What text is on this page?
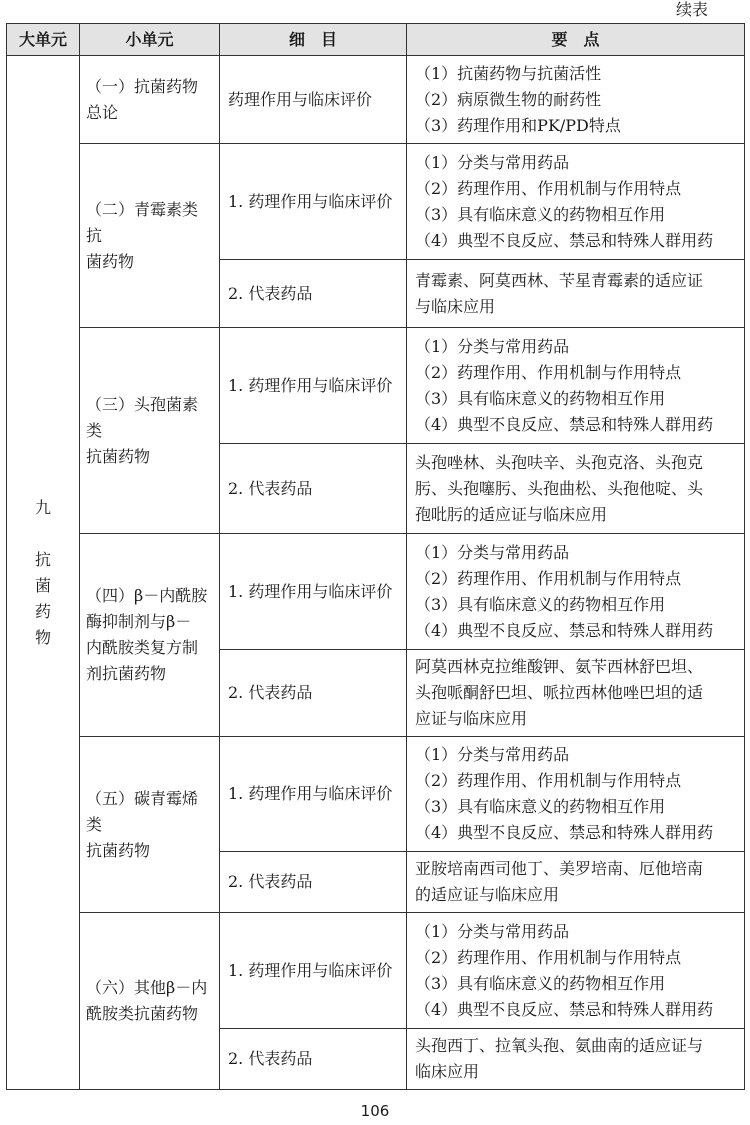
续表
大单元	小单元	细　目	要　点

九
抗
菌
药
物	（一）抗菌药物
总论	药理作用与临床评价	（1）抗菌药物与抗菌活性
（2）病原微生物的耐药性
（3）药理作用和PK/PD特点

	（二）青霉素类抗
菌药物	1. 药理作用与临床评价	（1）分类与常用药品
（2）药理作用、作用机制与作用特点
（3）具有临床意义的药物相互作用
（4）典型不良反应、禁忌和特殊人群用药

		2. 代表药品	青霉素、阿莫西林、苄星青霉素的适应证
与临床应用

	（三）头孢菌素类
抗菌药物	1. 药理作用与临床评价	（1）分类与常用药品
（2）药理作用、作用机制与作用特点
（3）具有临床意义的药物相互作用
（4）典型不良反应、禁忌和特殊人群用药

		2. 代表药品	头孢唑林、头孢呋辛、头孢克洛、头孢克
肟、头孢噻肟、头孢曲松、头孢他啶、头
孢吡肟的适应证与临床应用

	（四）β－内酰胺
酶抑制剂与β－
内酰胺类复方制
剂抗菌药物	1. 药理作用与临床评价	（1）分类与常用药品
（2）药理作用、作用机制与作用特点
（3）具有临床意义的药物相互作用
（4）典型不良反应、禁忌和特殊人群用药

		2. 代表药品	阿莫西林克拉维酸钾、氨苄西林舒巴坦、
头孢哌酮舒巴坦、哌拉西林他唑巴坦的适
应证与临床应用

	（五）碳青霉烯类
抗菌药物	1. 药理作用与临床评价	（1）分类与常用药品
（2）药理作用、作用机制与作用特点
（3）具有临床意义的药物相互作用
（4）典型不良反应、禁忌和特殊人群用药

		2. 代表药品	亚胺培南西司他丁、美罗培南、厄他培南
的适应证与临床应用

	（六）其他β－内
酰胺类抗菌药物	1. 药理作用与临床评价	（1）分类与常用药品
（2）药理作用、作用机制与作用特点
（3）具有临床意义的药物相互作用
（4）典型不良反应、禁忌和特殊人群用药

		2. 代表药品	头孢西丁、拉氧头孢、氨曲南的适应证与
临床应用
106
